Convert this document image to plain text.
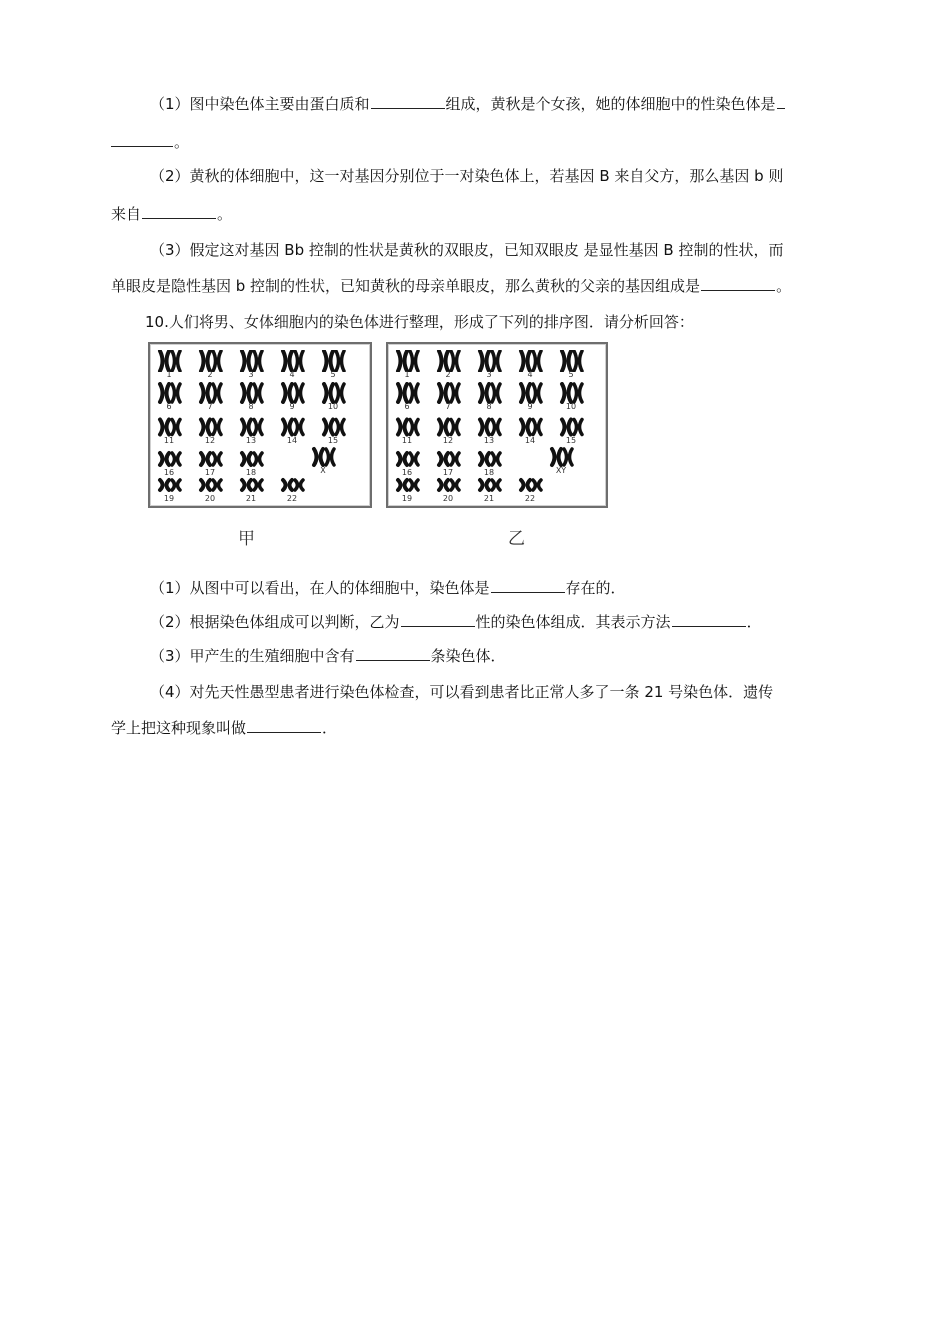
（1）图中染色体主要由蛋白质和	组成，黄秋是个女孩，她的体细胞中的性染色体是
。
（2）黄秋的体细胞中，这一对基因分别位于一对染色体上，若基因 B 来自父方，那么基因 b 则
来自	。
（3）假定这对基因 Bb 控制的性状是黄秋的双眼皮，已知双眼皮 是显性基因 B 控制的性状，而
单眼皮是隐性基因 b 控制的性状，已知黄秋的母亲单眼皮，那么黄秋的父亲的基因组成是	。
10.人们将男、女体细胞内的染色体进行整理，形成了下列的排序图．请分析回答：
1	2	3	4	5
6	7	8	9	10
11	12	13	14	15
16	17	18
19	20	21	22
X
1	2	3	4	5
6	7	8	9	10
11	12	13	14	15
16	17	18
19	20	21	22
XY
甲	乙
（1）从图中可以看出，在人的体细胞中，染色体是	存在的．
（2）根据染色体组成可以判断，乙为	性的染色体组成．其表示方法	．
（3）甲产生的生殖细胞中含有	条染色体．
（4）对先天性愚型患者进行染色体检查，可以看到患者比正常人多了一条 21 号染色体．遗传
学上把这种现象叫做	．
